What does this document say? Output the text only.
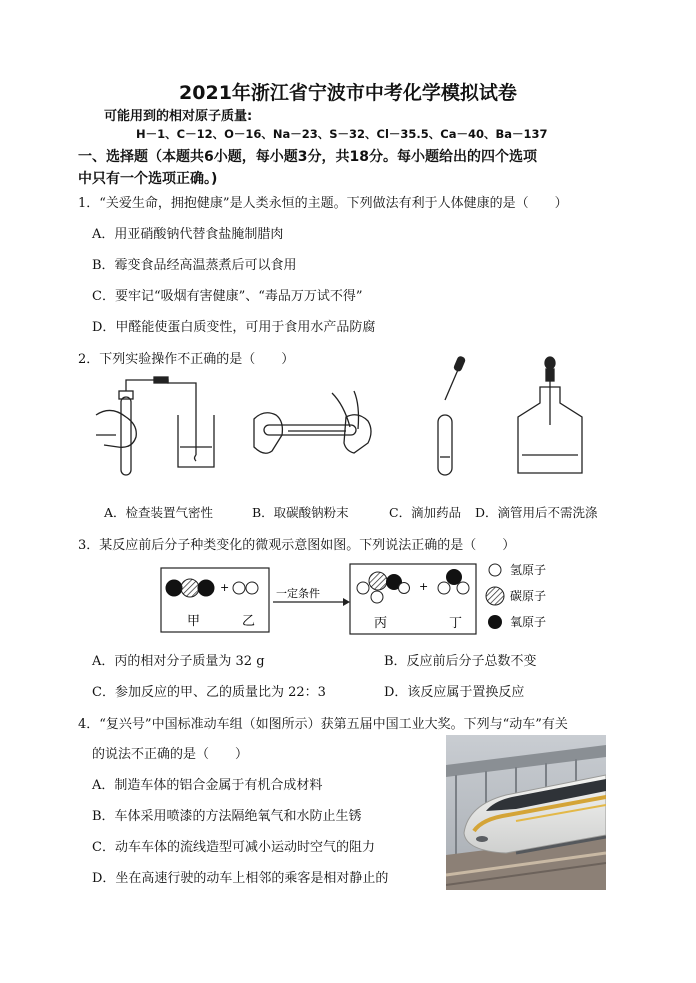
2021年浙江省宁波市中考化学模拟试卷
可能用到的相对原子质量:
H－1、C－12、O－16、Na－23、S－32、Cl－35.5、Ca－40、Ba－137
一、选择题（本题共6小题，每小题3分，共18分。每小题给出的四个选项
中只有一个选项正确。)
1．“关爱生命，拥抱健康”是人类永恒的主题。下列做法有利于人体健康的是（　　）
A．用亚硝酸钠代替食盐腌制腊肉
B．霉变食品经高温蒸煮后可以食用
C．要牢记“吸烟有害健康”、“毒品万万试不得”
D．甲醛能使蛋白质变性，可用于食用水产品防腐
2．下列实验操作不正确的是（　　）
A．检查装置气密性	B．取碳酸钠粉末	C．滴加药品 D．滴管用后不需洗涤
3．某反应前后分子种类变化的微观示意图如图。下列说法正确的是（　　）
+
甲	乙
一定条件
+
丙	丁
氢原子
碳原子
氧原子
A．丙的相对分子质量为 32 g	B．反应前后分子总数不变
C．参加反应的甲、乙的质量比为 22：3	D．该反应属于置换反应
4．“复兴号”中国标准动车组（如图所示）获第五届中国工业大奖。下列与“动车”有关
的说法不正确的是（　　）
A．制造车体的铝合金属于有机合成材料
B．车体采用喷漆的方法隔绝氧气和水防止生锈
C．动车车体的流线造型可减小运动时空气的阻力
D．坐在高速行驶的动车上相邻的乘客是相对静止的
